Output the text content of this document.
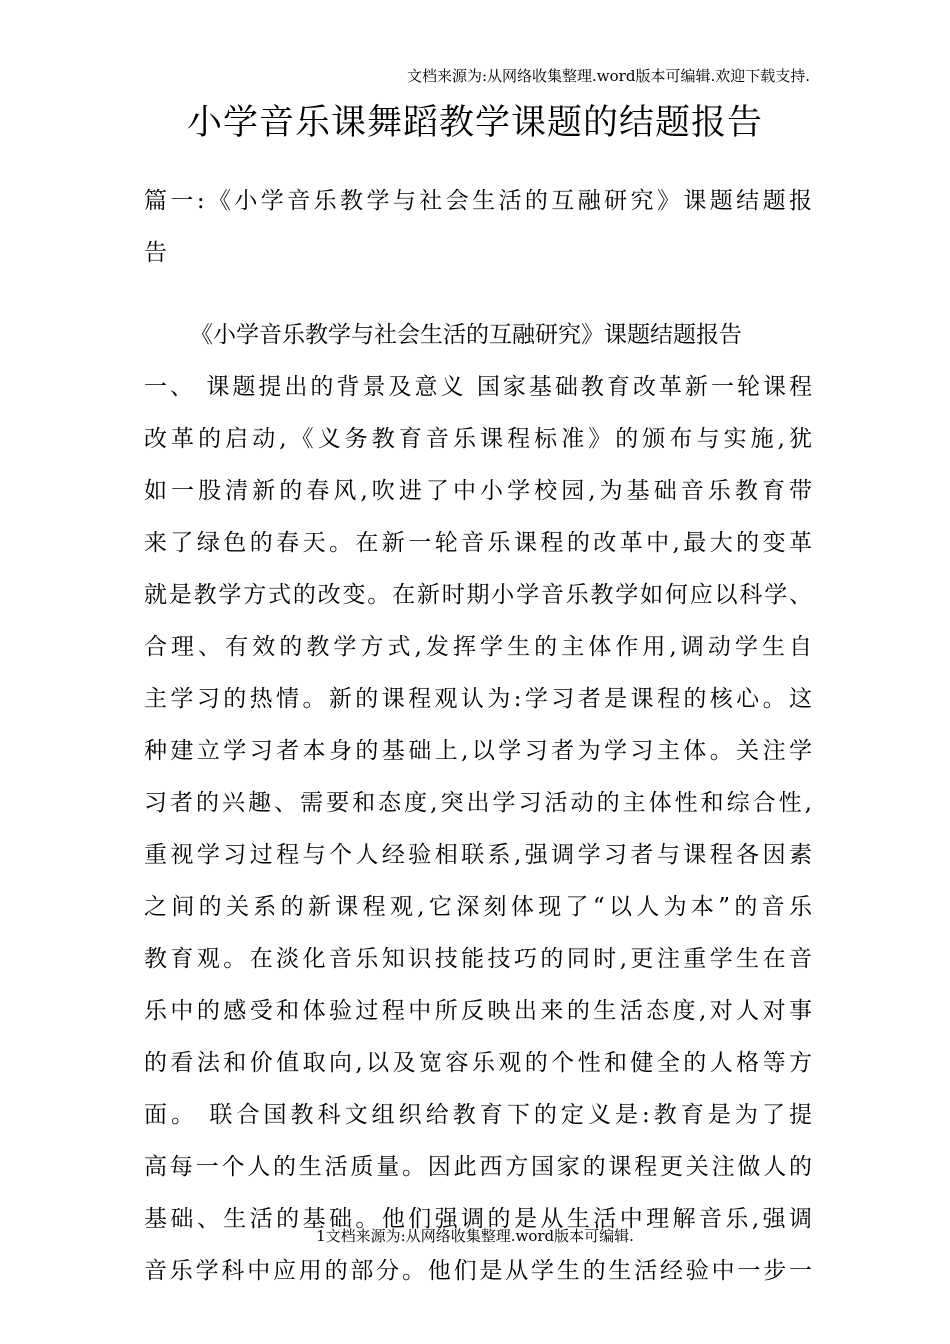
文档来源为:从网络收集整理.word版本可编辑.欢迎下载支持.
小学音乐课舞蹈教学课题的结题报告
篇一:《小学音乐教学与社会生活的互融研究》课题结题报
告
《小学音乐教学与社会生活的互融研究》课题结题报告
一、 课题提出的背景及意义 国家基础教育改革新一轮课程
改革的启动,《义务教育音乐课程标准》的颁布与实施,犹
如一股清新的春风,吹进了中小学校园,为基础音乐教育带
来了绿色的春天。在新一轮音乐课程的改革中,最大的变革
就是教学方式的改变。在新时期小学音乐教学如何应以科学、
合理、有效的教学方式,发挥学生的主体作用,调动学生自
主学习的热情。新的课程观认为:学习者是课程的核心。这
种建立学习者本身的基础上,以学习者为学习主体。关注学
习者的兴趣、需要和态度,突出学习活动的主体性和综合性,
重视学习过程与个人经验相联系,强调学习者与课程各因素
之间的关系的新课程观,它深刻体现了“以人为本”的音乐
教育观。在淡化音乐知识技能技巧的同时,更注重学生在音
乐中的感受和体验过程中所反映出来的生活态度,对人对事
的看法和价值取向,以及宽容乐观的个性和健全的人格等方
面。 联合国教科文组织给教育下的定义是:教育是为了提
高每一个人的生活质量。因此西方国家的课程更关注做人的
基础、生活的基础。他们强调的是从生活中理解音乐,强调
音乐学科中应用的部分。他们是从学生的生活经验中一步一
1文档来源为:从网络收集整理.word版本可编辑.
